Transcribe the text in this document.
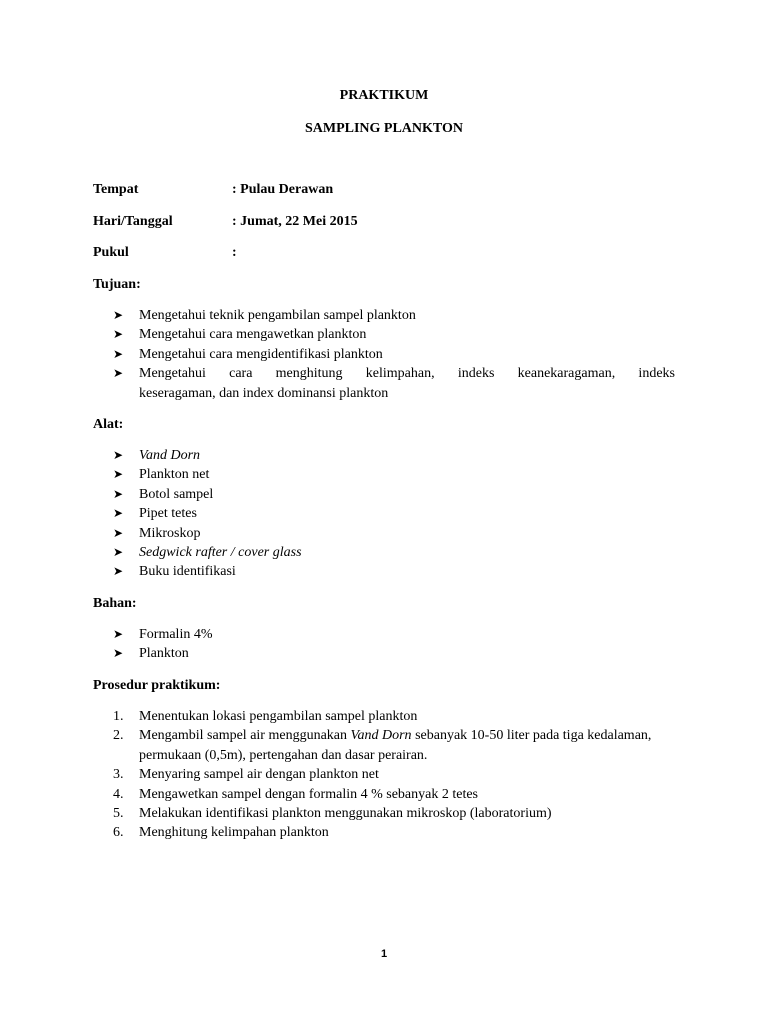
PRAKTIKUM
SAMPLING PLANKTON
Tempat	: Pulau Derawan
Hari/Tanggal	: Jumat, 22 Mei 2015
Pukul	:
Tujuan:
➤ Mengetahui teknik pengambilan sampel plankton
➤ Mengetahui cara mengawetkan plankton
➤ Mengetahui cara mengidentifikasi plankton
➤ Mengetahui cara menghitung kelimpahan, indeks keanekaragaman, indeks
keseragaman, dan index dominansi plankton
Alat:
➤ Vand Dorn
➤ Plankton net
➤ Botol sampel
➤ Pipet tetes
➤ Mikroskop
➤ Sedgwick rafter / cover glass
➤ Buku identifikasi
Bahan:
➤ Formalin 4%
➤ Plankton
Prosedur praktikum:
1. Menentukan lokasi pengambilan sampel plankton
2. Mengambil sampel air menggunakan Vand Dorn sebanyak 10-50 liter pada tiga kedalaman, permukaan (0,5m), pertengahan dan dasar perairan.
3. Menyaring sampel air dengan plankton net
4. Mengawetkan sampel dengan formalin 4 % sebanyak 2 tetes
5. Melakukan identifikasi plankton menggunakan mikroskop (laboratorium)
6. Menghitung kelimpahan plankton
1
